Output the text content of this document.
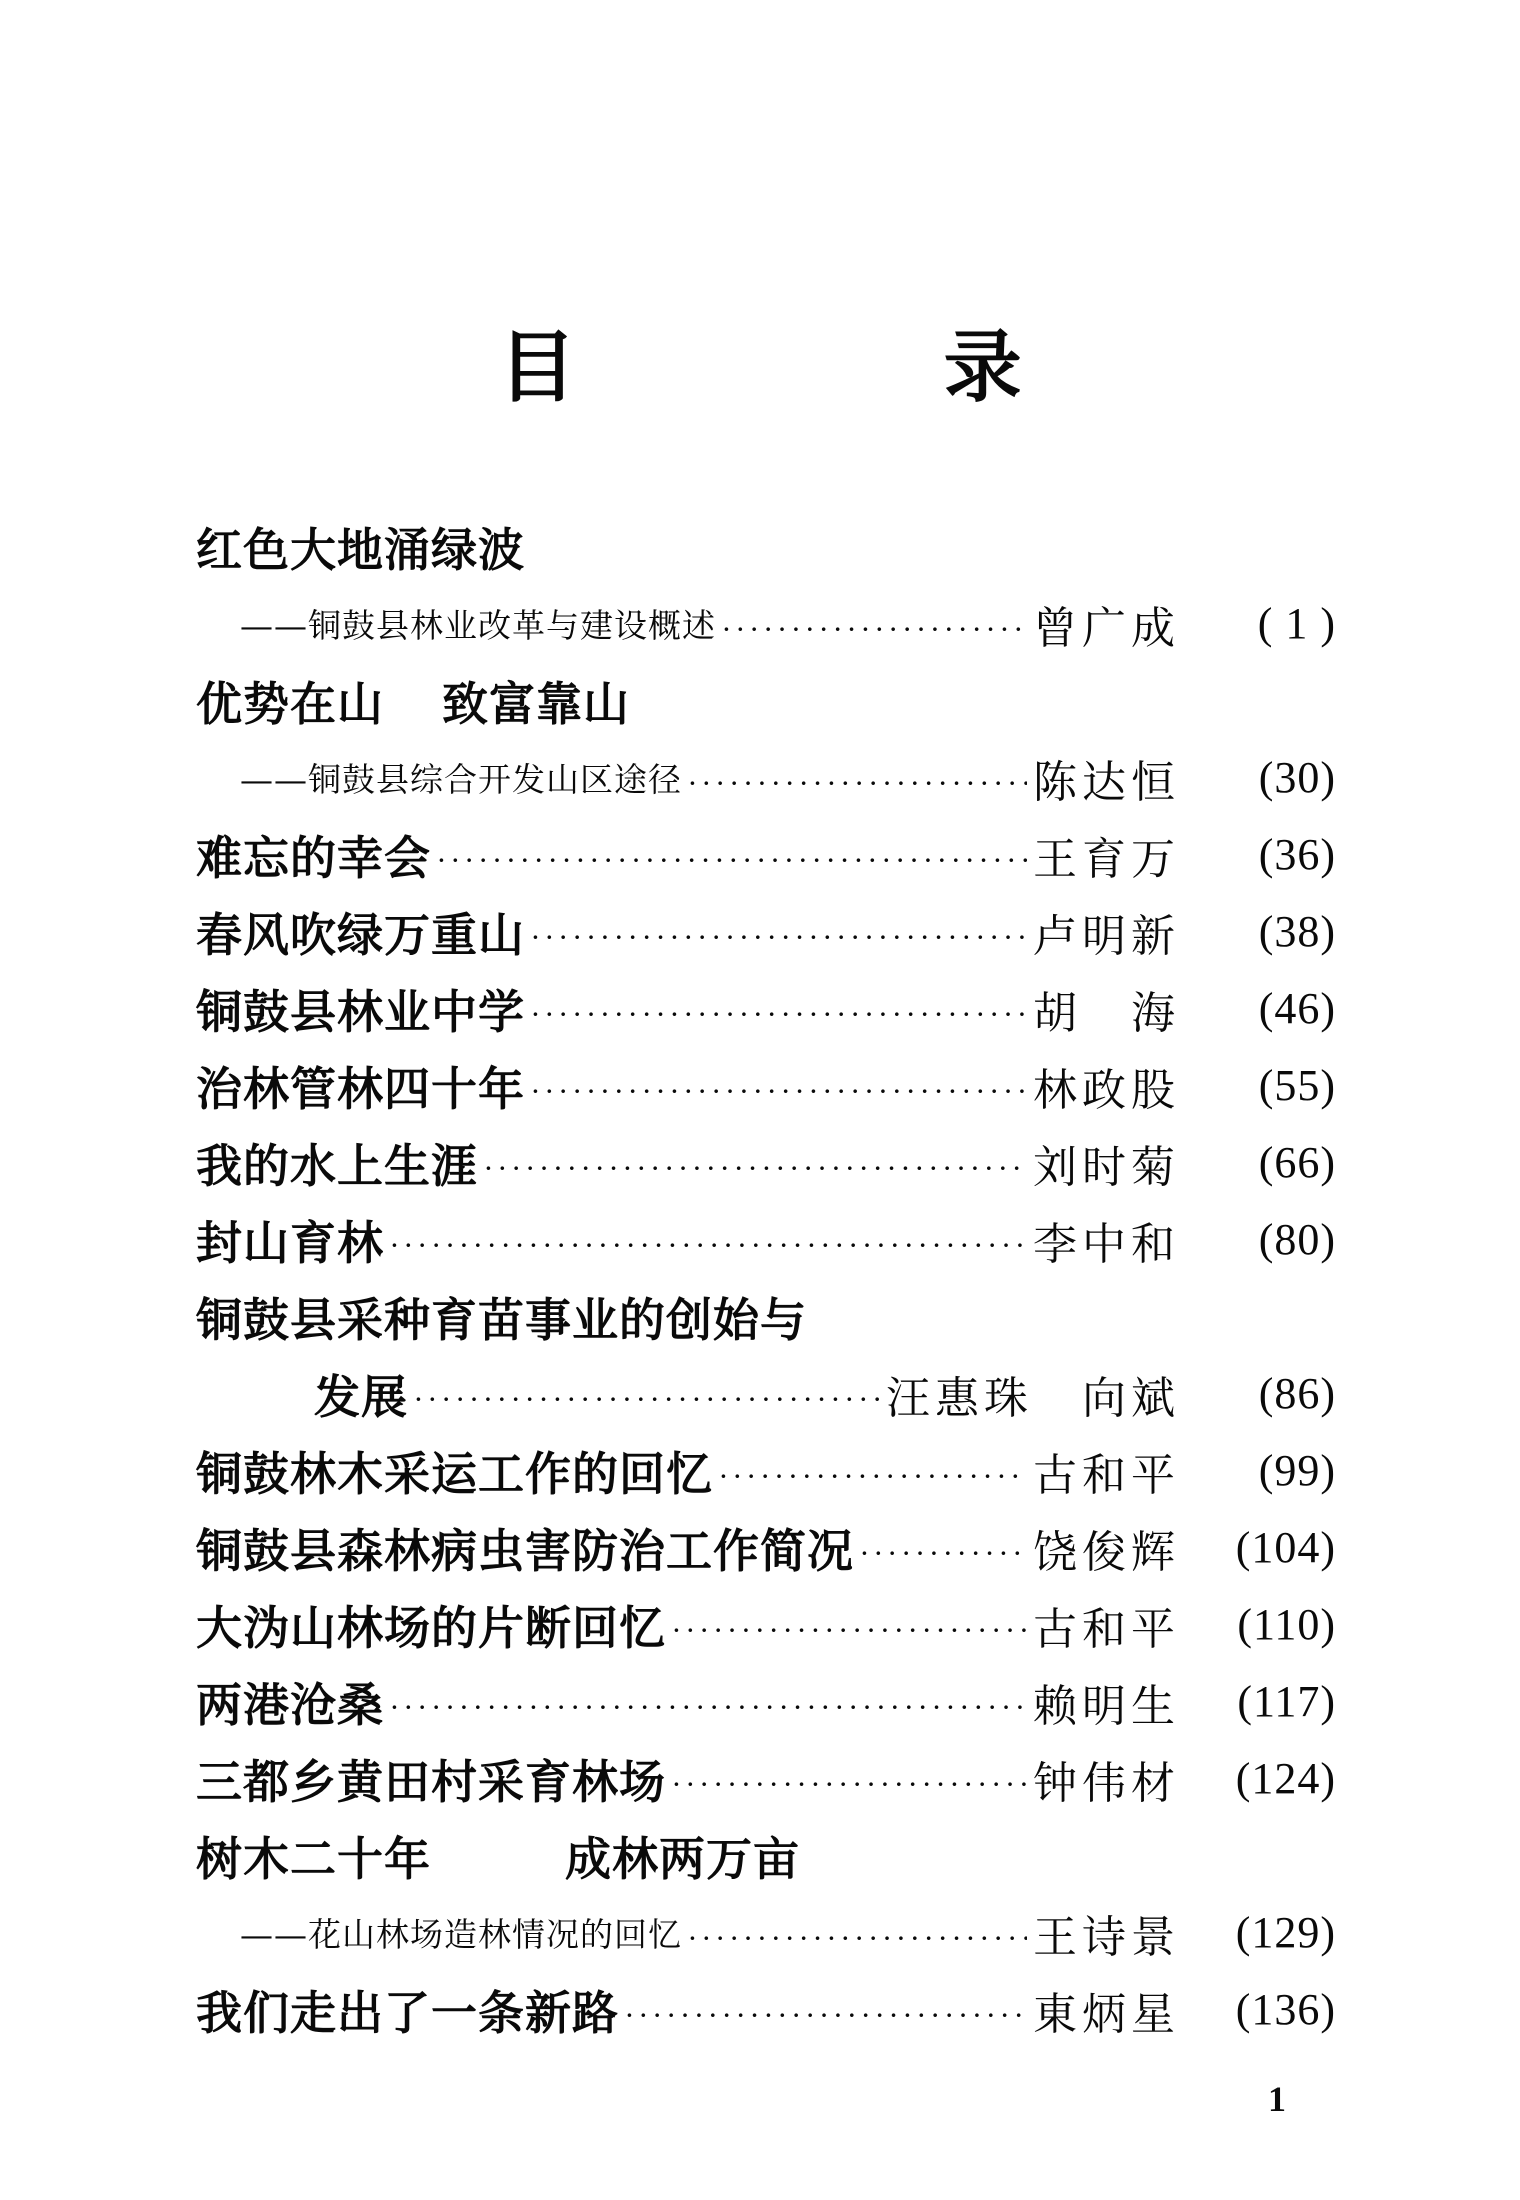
目 录
红色大地涌绿波
——铜鼓县林业改革与建设概述 ·····	曾广成	( 1 )
优势在山 致富靠山
——铜鼓县综合开发山区途径 ·····	陈达恒	(30)
难忘的幸会 ·····	王育万	(36)
春风吹绿万重山 ·····	卢明新	(38)
铜鼓县林业中学 ·····	胡　海	(46)
治林管林四十年 ·····	林政股	(55)
我的水上生涯 ·····	刘时菊	(66)
封山育林 ·····	李中和	(80)
铜鼓县采种育苗事业的创始与
发展 ·····	汪惠珠　向斌	(86)
铜鼓林木采运工作的回忆 ·····	古和平	(99)
铜鼓县森林病虫害防治工作简况 ·····	饶俊辉	(104)
大沩山林场的片断回忆 ·····	古和平	(110)
两港沧桑 ·····	赖明生	(117)
三都乡黄田村采育林场 ·····	钟伟材	(124)
树木二十年	成林两万亩
——花山林场造林情况的回忆 ·····	王诗景	(129)
我们走出了一条新路 ·····	東炳星	(136)
1
